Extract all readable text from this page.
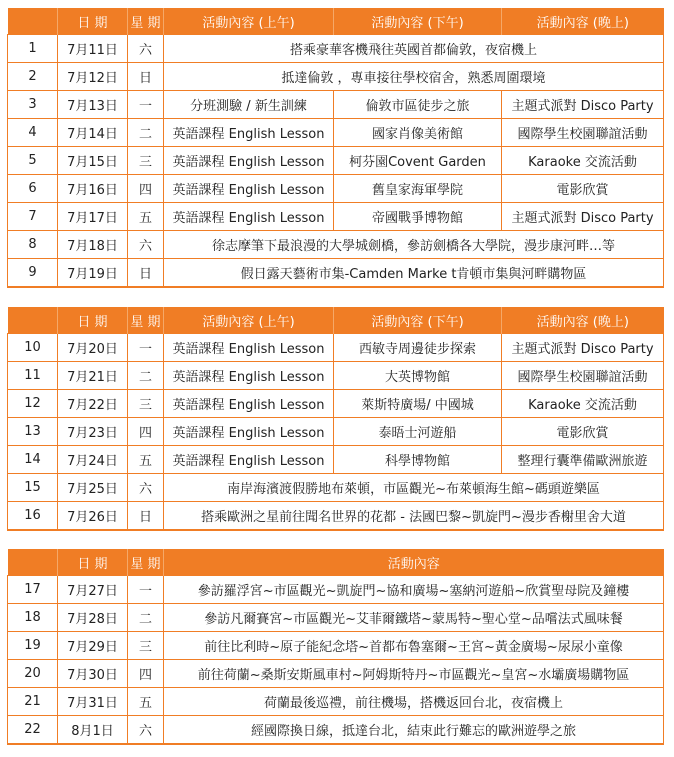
	日 期	星 期	活動內容 (上午)	活動內容 (下午)	活動內容 (晚上)
1	7月11日	六	搭乘豪華客機飛往英國首都倫敦，夜宿機上		
2	7月12日	日	抵達倫敦 ，專車接往學校宿舍，熟悉周圍環境		
3	7月13日	一	分班測驗 / 新生訓練	倫敦市區徒步之旅	主題式派對 Disco Party
4	7月14日	二	英語課程 English Lesson	國家肖像美術館	國際學生校園聯誼活動
5	7月15日	三	英語課程 English Lesson	柯芬園Covent Garden	Karaoke 交流活動
6	7月16日	四	英語課程 English Lesson	舊皇家海軍學院	電影欣賞
7	7月17日	五	英語課程 English Lesson	帝國戰爭博物館	主題式派對 Disco Party
8	7月18日	六	徐志摩筆下最浪漫的大學城劍橋，參訪劍橋各大學院，漫步康河畔…等		
9	7月19日	日	假日露天藝術市集-Camden Marke t肯頓市集與河畔購物區		
	日 期	星 期	活動內容 (上午)	活動內容 (下午)	活動內容 (晚上)
10	7月20日	一	英語課程 English Lesson	西敏寺周邊徒步探索	主題式派對 Disco Party
11	7月21日	二	英語課程 English Lesson	大英博物館	國際學生校園聯誼活動
12	7月22日	三	英語課程 English Lesson	萊斯特廣場/ 中國城	Karaoke 交流活動
13	7月23日	四	英語課程 English Lesson	泰晤士河遊船	電影欣賞
14	7月24日	五	英語課程 English Lesson	科學博物館	整理行囊準備歐洲旅遊
15	7月25日	六	南岸海濱渡假勝地布萊頓，市區觀光~布萊頓海生館~碼頭遊樂區		
16	7月26日	日	搭乘歐洲之星前往聞名世界的花都 - 法國巴黎~凱旋門~漫步香榭里舍大道		
	日 期	星 期	活動內容
17	7月27日	一	參訪羅浮宮~市區觀光~凱旋門~協和廣場~塞納河遊船~欣賞聖母院及鐘樓
18	7月28日	二	參訪凡爾賽宮~市區觀光~艾菲爾鐵塔~蒙馬特~聖心堂~品嚐法式風味餐
19	7月29日	三	前往比利時~原子能紀念塔~首都布魯塞爾~王宮~黃金廣場~尿尿小童像
20	7月30日	四	前往荷蘭~桑斯安斯風車村~阿姆斯特丹~市區觀光~皇宮~水壩廣場購物區
21	7月31日	五	荷蘭最後巡禮，前往機場，搭機返回台北，夜宿機上
22	8月1日	六	經國際換日線，抵達台北，結束此行難忘的歐洲遊學之旅
